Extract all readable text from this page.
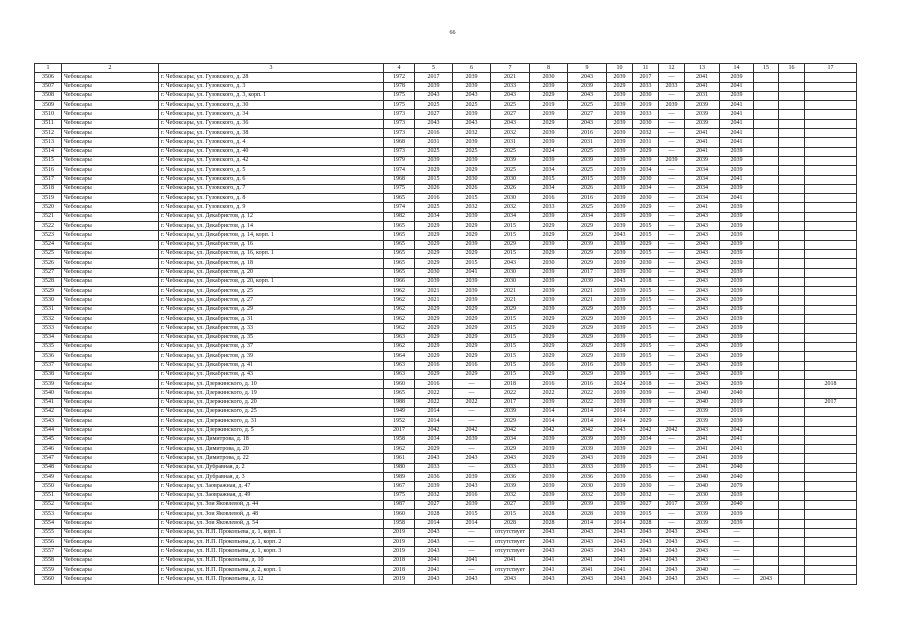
66
1	2	3	4	5	6	7	8	9	10	11	12	13	14	15	16	17
3506	Чебоксары	г. Чебоксары, ул. Гузовского, д. 28	1972	2017	2039	2021	2030	2043	2039	2017	—	2041	2039			
3507	Чебоксары	г. Чебоксары, ул. Гузовского, д. 3	1978	2039	2039	2033	2039	2039	2029	2033	2033	2041	2041			
3508	Чебоксары	г. Чебоксары, ул. Гузовского, д. 3, корп. 1	1975	2043	2043	2043	2029	2043	2039	2030	—	2031	2039			
3509	Чебоксары	г. Чебоксары, ул. Гузовского, д. 30	1975	2025	2025	2025	2019	2025	2039	2019	2039	2039	2041			
3510	Чебоксары	г. Чебоксары, ул. Гузовского, д. 34	1973	2027	2039	2027	2039	2027	2039	2033	—	2039	2041			
3511	Чебоксары	г. Чебоксары, ул. Гузовского, д. 36	1973	2043	2043	2043	2029	2043	2039	2030	—	2039	2041			
3512	Чебоксары	г. Чебоксары, ул. Гузовского, д. 38	1973	2016	2032	2032	2039	2016	2039	2032	—	2041	2041			
3513	Чебоксары	г. Чебоксары, ул. Гузовского, д. 4	1968	2031	2039	2031	2039	2031	2039	2031	—	2041	2041			
3514	Чебоксары	г. Чебоксары, ул. Гузовского, д. 40	1973	2025	2025	2025	2024	2025	2039	2029	—	2041	2039			
3515	Чебоксары	г. Чебоксары, ул. Гузовского, д. 42	1979	2039	2039	2039	2039	2039	2039	2039	2039	2039	2039			
3516	Чебоксары	г. Чебоксары, ул. Гузовского, д. 5	1974	2029	2029	2025	2034	2025	2039	2034	—	2034	2039			
3517	Чебоксары	г. Чебоксары, ул. Гузовского, д. 6	1968	2015	2030	2030	2015	2015	2039	2030	—	2034	2041			
3518	Чебоксары	г. Чебоксары, ул. Гузовского, д. 7	1975	2026	2026	2026	2034	2026	2039	2034	—	2034	2039			
3519	Чебоксары	г. Чебоксары, ул. Гузовского, д. 8	1965	2016	2015	2030	2016	2016	2039	2030	—	2034	2041			
3520	Чебоксары	г. Чебоксары, ул. Гузовского, д. 9	1974	2025	2032	2032	2033	2025	2039	2029	—	2041	2039			
3521	Чебоксары	г. Чебоксары, ул. Декабристов, д. 12	1982	2034	2039	2034	2039	2034	2039	2039	—	2043	2039			
3522	Чебоксары	г. Чебоксары, ул. Декабристов, д. 14	1965	2029	2029	2015	2029	2029	2039	2015	—	2043	2039			
3523	Чебоксары	г. Чебоксары, ул. Декабристов, д. 14, корп. 1	1965	2029	2029	2015	2029	2029	2043	2015	—	2043	2039			
3524	Чебоксары	г. Чебоксары, ул. Декабристов, д. 16	1965	2029	2039	2029	2039	2039	2039	2029	—	2043	2039			
3525	Чебоксары	г. Чебоксары, ул. Декабристов, д. 16, корп. 1	1965	2029	2029	2015	2029	2029	2039	2015	—	2043	2039			
3526	Чебоксары	г. Чебоксары, ул. Декабристов, д. 18	1965	2029	2015	2043	2030	2029	2039	2030	—	2043	2039			
3527	Чебоксары	г. Чебоксары, ул. Декабристов, д. 20	1965	2030	2041	2030	2039	2017	2039	2030	—	2043	2039			
3528	Чебоксары	г. Чебоксары, ул. Декабристов, д. 20, корп. 1	1966	2039	2039	2030	2039	2039	2043	2018	—	2043	2039			
3529	Чебоксары	г. Чебоксары, ул. Декабристов, д. 25	1962	2021	2039	2021	2039	2021	2039	2015	—	2043	2039			
3530	Чебоксары	г. Чебоксары, ул. Декабристов, д. 27	1962	2021	2039	2021	2039	2021	2039	2015	—	2043	2039			
3531	Чебоксары	г. Чебоксары, ул. Декабристов, д. 29	1962	2029	2029	2029	2039	2029	2039	2015	—	2043	2039			
3532	Чебоксары	г. Чебоксары, ул. Декабристов, д. 31	1962	2029	2029	2015	2029	2029	2039	2015	—	2043	2039			
3533	Чебоксары	г. Чебоксары, ул. Декабристов, д. 33	1962	2029	2029	2015	2029	2029	2039	2015	—	2043	2039			
3534	Чебоксары	г. Чебоксары, ул. Декабристов, д. 35	1963	2029	2029	2015	2029	2029	2039	2015	—	2043	2039			
3535	Чебоксары	г. Чебоксары, ул. Декабристов, д. 37	1962	2029	2029	2015	2029	2029	2039	2015	—	2043	2039			
3536	Чебоксары	г. Чебоксары, ул. Декабристов, д. 39	1964	2029	2029	2015	2029	2029	2039	2015	—	2043	2039			
3537	Чебоксары	г. Чебоксары, ул. Декабристов, д. 41	1963	2016	2016	2015	2016	2016	2039	2015	—	2043	2039			
3538	Чебоксары	г. Чебоксары, ул. Декабристов, д. 43	1963	2029	2029	2015	2029	2029	2039	2015	—	2043	2039			
3539	Чебоксары	г. Чебоксары, ул. Дзержинского, д. 10	1960	2016	—	2018	2016	2016	2024	2018	—	2043	2039			2018
3540	Чебоксары	г. Чебоксары, ул. Дзержинского, д. 19	1965	2022	—	2022	2022	2022	2039	2039	—	2040	2040			
3541	Чебоксары	г. Чебоксары, ул. Дзержинского, д. 20	1988	2022	2022	2017	2039	2022	2039	2039	—	2040	2019			2017
3542	Чебоксары	г. Чебоксары, ул. Дзержинского, д. 25	1949	2014	—	2039	2014	2014	2014	2017	—	2039	2019			
3543	Чебоксары	г. Чебоксары, ул. Дзержинского, д. 31	1952	2014	—	2029	2014	2014	2014	2029	—	2039	2039			
3544	Чебоксары	г. Чебоксары, ул. Дзержинского, д. 5	2017	2042	2042	2042	2042	2042	2043	2042	2042	2043	2042			
3545	Чебоксары	г. Чебоксары, ул. Димитрова, д. 18	1958	2034	2039	2034	2039	2039	2039	2034	—	2041	2041			
3546	Чебоксары	г. Чебоксары, ул. Димитрова, д. 20	1962	2029	—	2029	2039	2039	2039	2029	—	2041	2041			
3547	Чебоксары	г. Чебоксары, ул. Димитрова, д. 22	1961	2043	2043	2043	2029	2043	2039	2029	—	2041	2039			
3548	Чебоксары	г. Чебоксары, ул. Дубравная, д. 2	1980	2033	—	2033	2033	2033	2039	2015	—	2041	2040			
3549	Чебоксары	г. Чебоксары, ул. Дубравная, д. 3	1989	2036	2039	2036	2039	2036	2039	2036	—	2040	2040			
3550	Чебоксары	г. Чебоксары, ул. Заовражная, д. 47	1967	2039	2043	2039	2039	2030	2039	2030	—	2040	2079			
3551	Чебоксары	г. Чебоксары, ул. Заовражная, д. 49	1975	2032	2016	2032	2039	2032	2039	2032	—	2030	2039			
3552	Чебоксары	г. Чебоксары, ул. Зои Яковлевой, д. 44	1987	2027	2039	2027	2039	2039	2039	2027	2017	2039	2040			
3553	Чебоксары	г. Чебоксары, ул. Зои Яковлевой, д. 48	1960	2028	2015	2015	2028	2028	2039	2015	—	2039	2039			
3554	Чебоксары	г. Чебоксары, ул. Зои Яковлевой, д. 54	1958	2014	2014	2028	2028	2014	2014	2028	—	2039	2039			
3555	Чебоксары	г. Чебоксары, ул. Н.П. Прокопьева, д. 1, корп. 1	2019	2043	—	отсутствует	2043	2043	2043	2043	2043	2043	—			
3556	Чебоксары	г. Чебоксары, ул. Н.П. Прокопьева, д. 1, корп. 2	2019	2043	—	отсутствует	2043	2043	2043	2043	2043	2043	—			
3557	Чебоксары	г. Чебоксары, ул. Н.П. Прокопьева, д. 1, корп. 3	2019	2043	—	отсутствует	2043	2043	2043	2043	2043	2043	—			
3558	Чебоксары	г. Чебоксары, ул. Н.П. Прокопьева, д. 10	2018	2041	2041	2041	2041	2041	2041	2041	2043	2043	—			
3559	Чебоксары	г. Чебоксары, ул. Н.П. Прокопьева, д. 2, корп. 1	2018	2041	—	отсутствует	2041	2041	2041	2041	2043	2040	—			
3560	Чебоксары	г. Чебоксары, ул. Н.П. Прокопьева, д. 12	2019	2043	2043	2043	2043	2043	2043	2043	2043	2043	—	2043		
